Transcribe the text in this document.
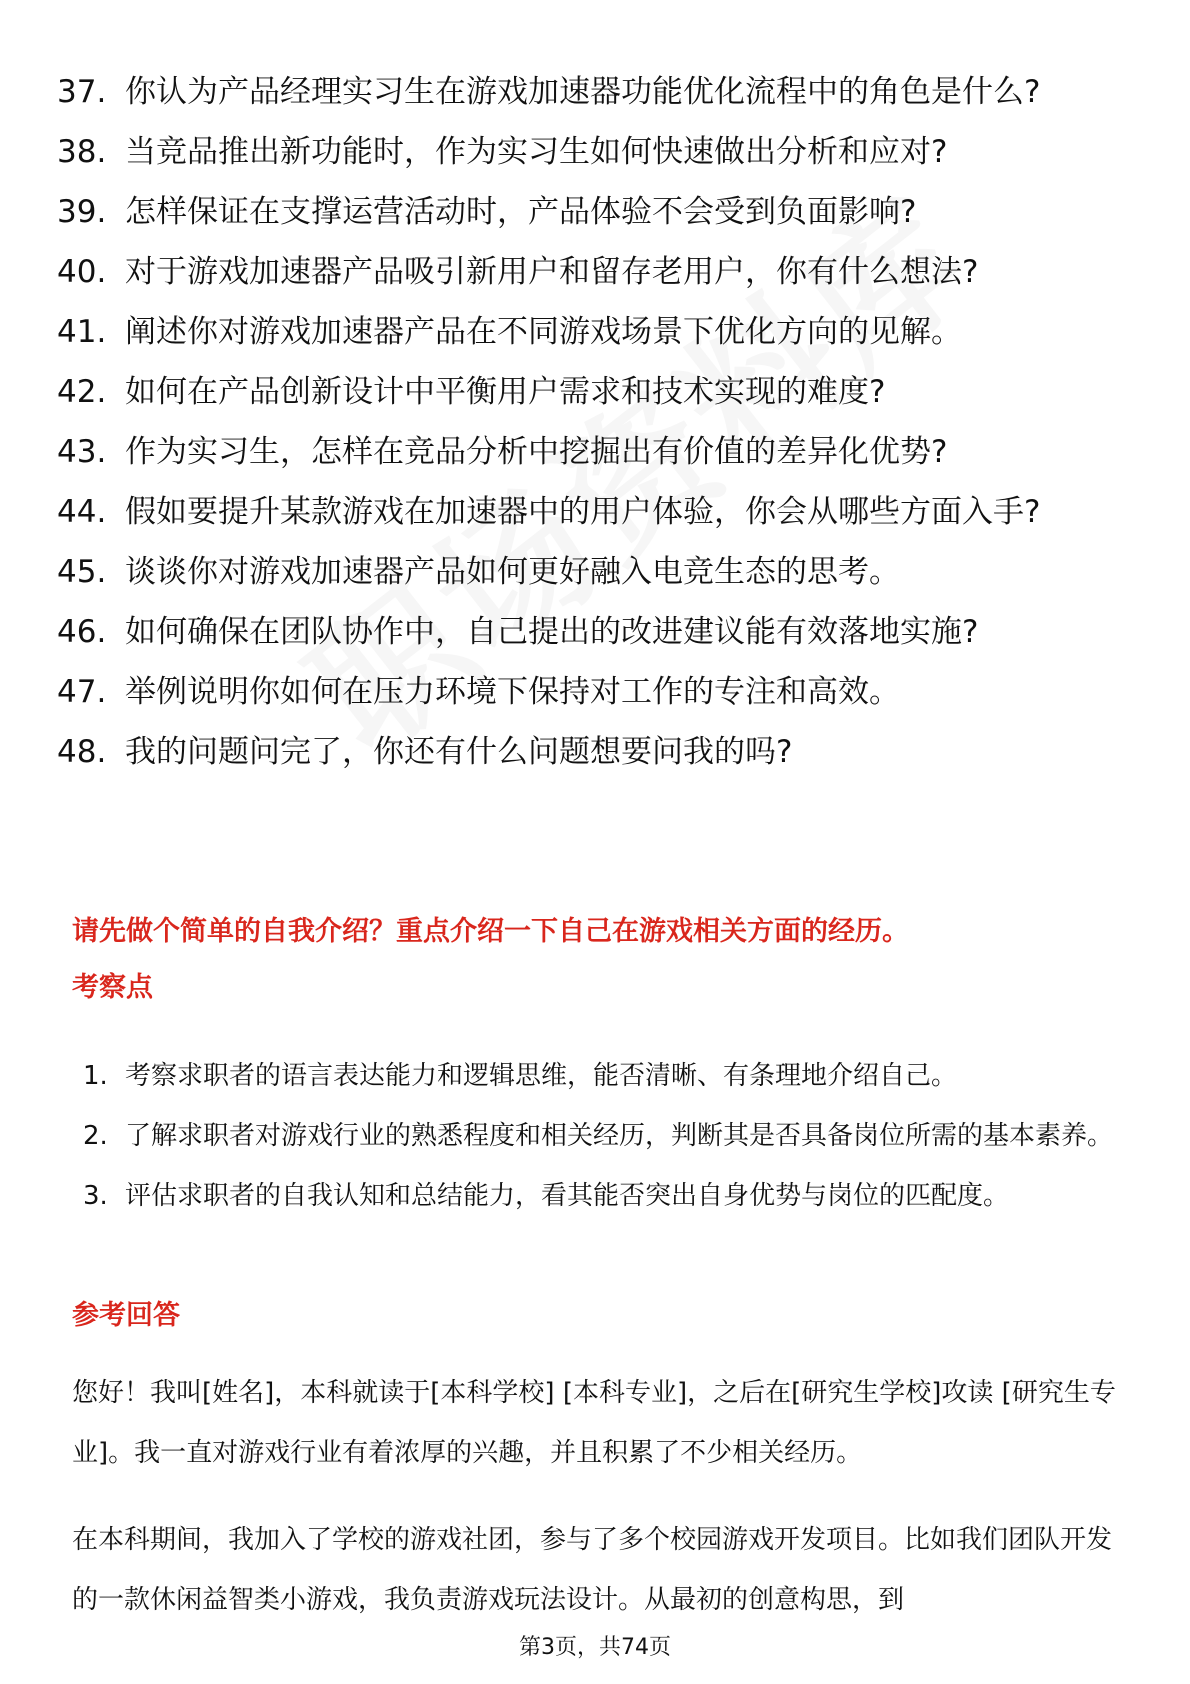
37. 你认为产品经理实习生在游戏加速器功能优化流程中的角色是什么?
38. 当竞品推出新功能时，作为实习生如何快速做出分析和应对?
39. 怎样保证在支撑运营活动时，产品体验不会受到负面影响?
40. 对于游戏加速器产品吸引新用户和留存老用户，你有什么想法?
41. 阐述你对游戏加速器产品在不同游戏场景下优化方向的见解。
42. 如何在产品创新设计中平衡用户需求和技术实现的难度?
43. 作为实习生，怎样在竞品分析中挖掘出有价值的差异化优势?
44. 假如要提升某款游戏在加速器中的用户体验，你会从哪些方面入手?
45. 谈谈你对游戏加速器产品如何更好融入电竞生态的思考。
46. 如何确保在团队协作中，自己提出的改进建议能有效落地实施?
47. 举例说明你如何在压力环境下保持对工作的专注和高效。
48. 我的问题问完了，你还有什么问题想要问我的吗?
请先做个简单的自我介绍？重点介绍一下自己在游戏相关方面的经历。
考察点
1. 考察求职者的语言表达能力和逻辑思维，能否清晰、有条理地介绍自己。
2. 了解求职者对游戏行业的熟悉程度和相关经历，判断其是否具备岗位所需的基本素养。
3. 评估求职者的自我认知和总结能力，看其能否突出自身优势与岗位的匹配度。
参考回答

您好！我叫[姓名]，本科就读于[本科学校] [本科专业]，之后在[研究生学校]攻读 [研究生专业]。我一直对游戏行业有着浓厚的兴趣，并且积累了不少相关经历。

在本科期间，我加入了学校的游戏社团，参与了多个校园游戏开发项目。比如我们团队开发的一款休闲益智类小游戏，我负责游戏玩法设计。从最初的创意构思，到

第3页，共74页
